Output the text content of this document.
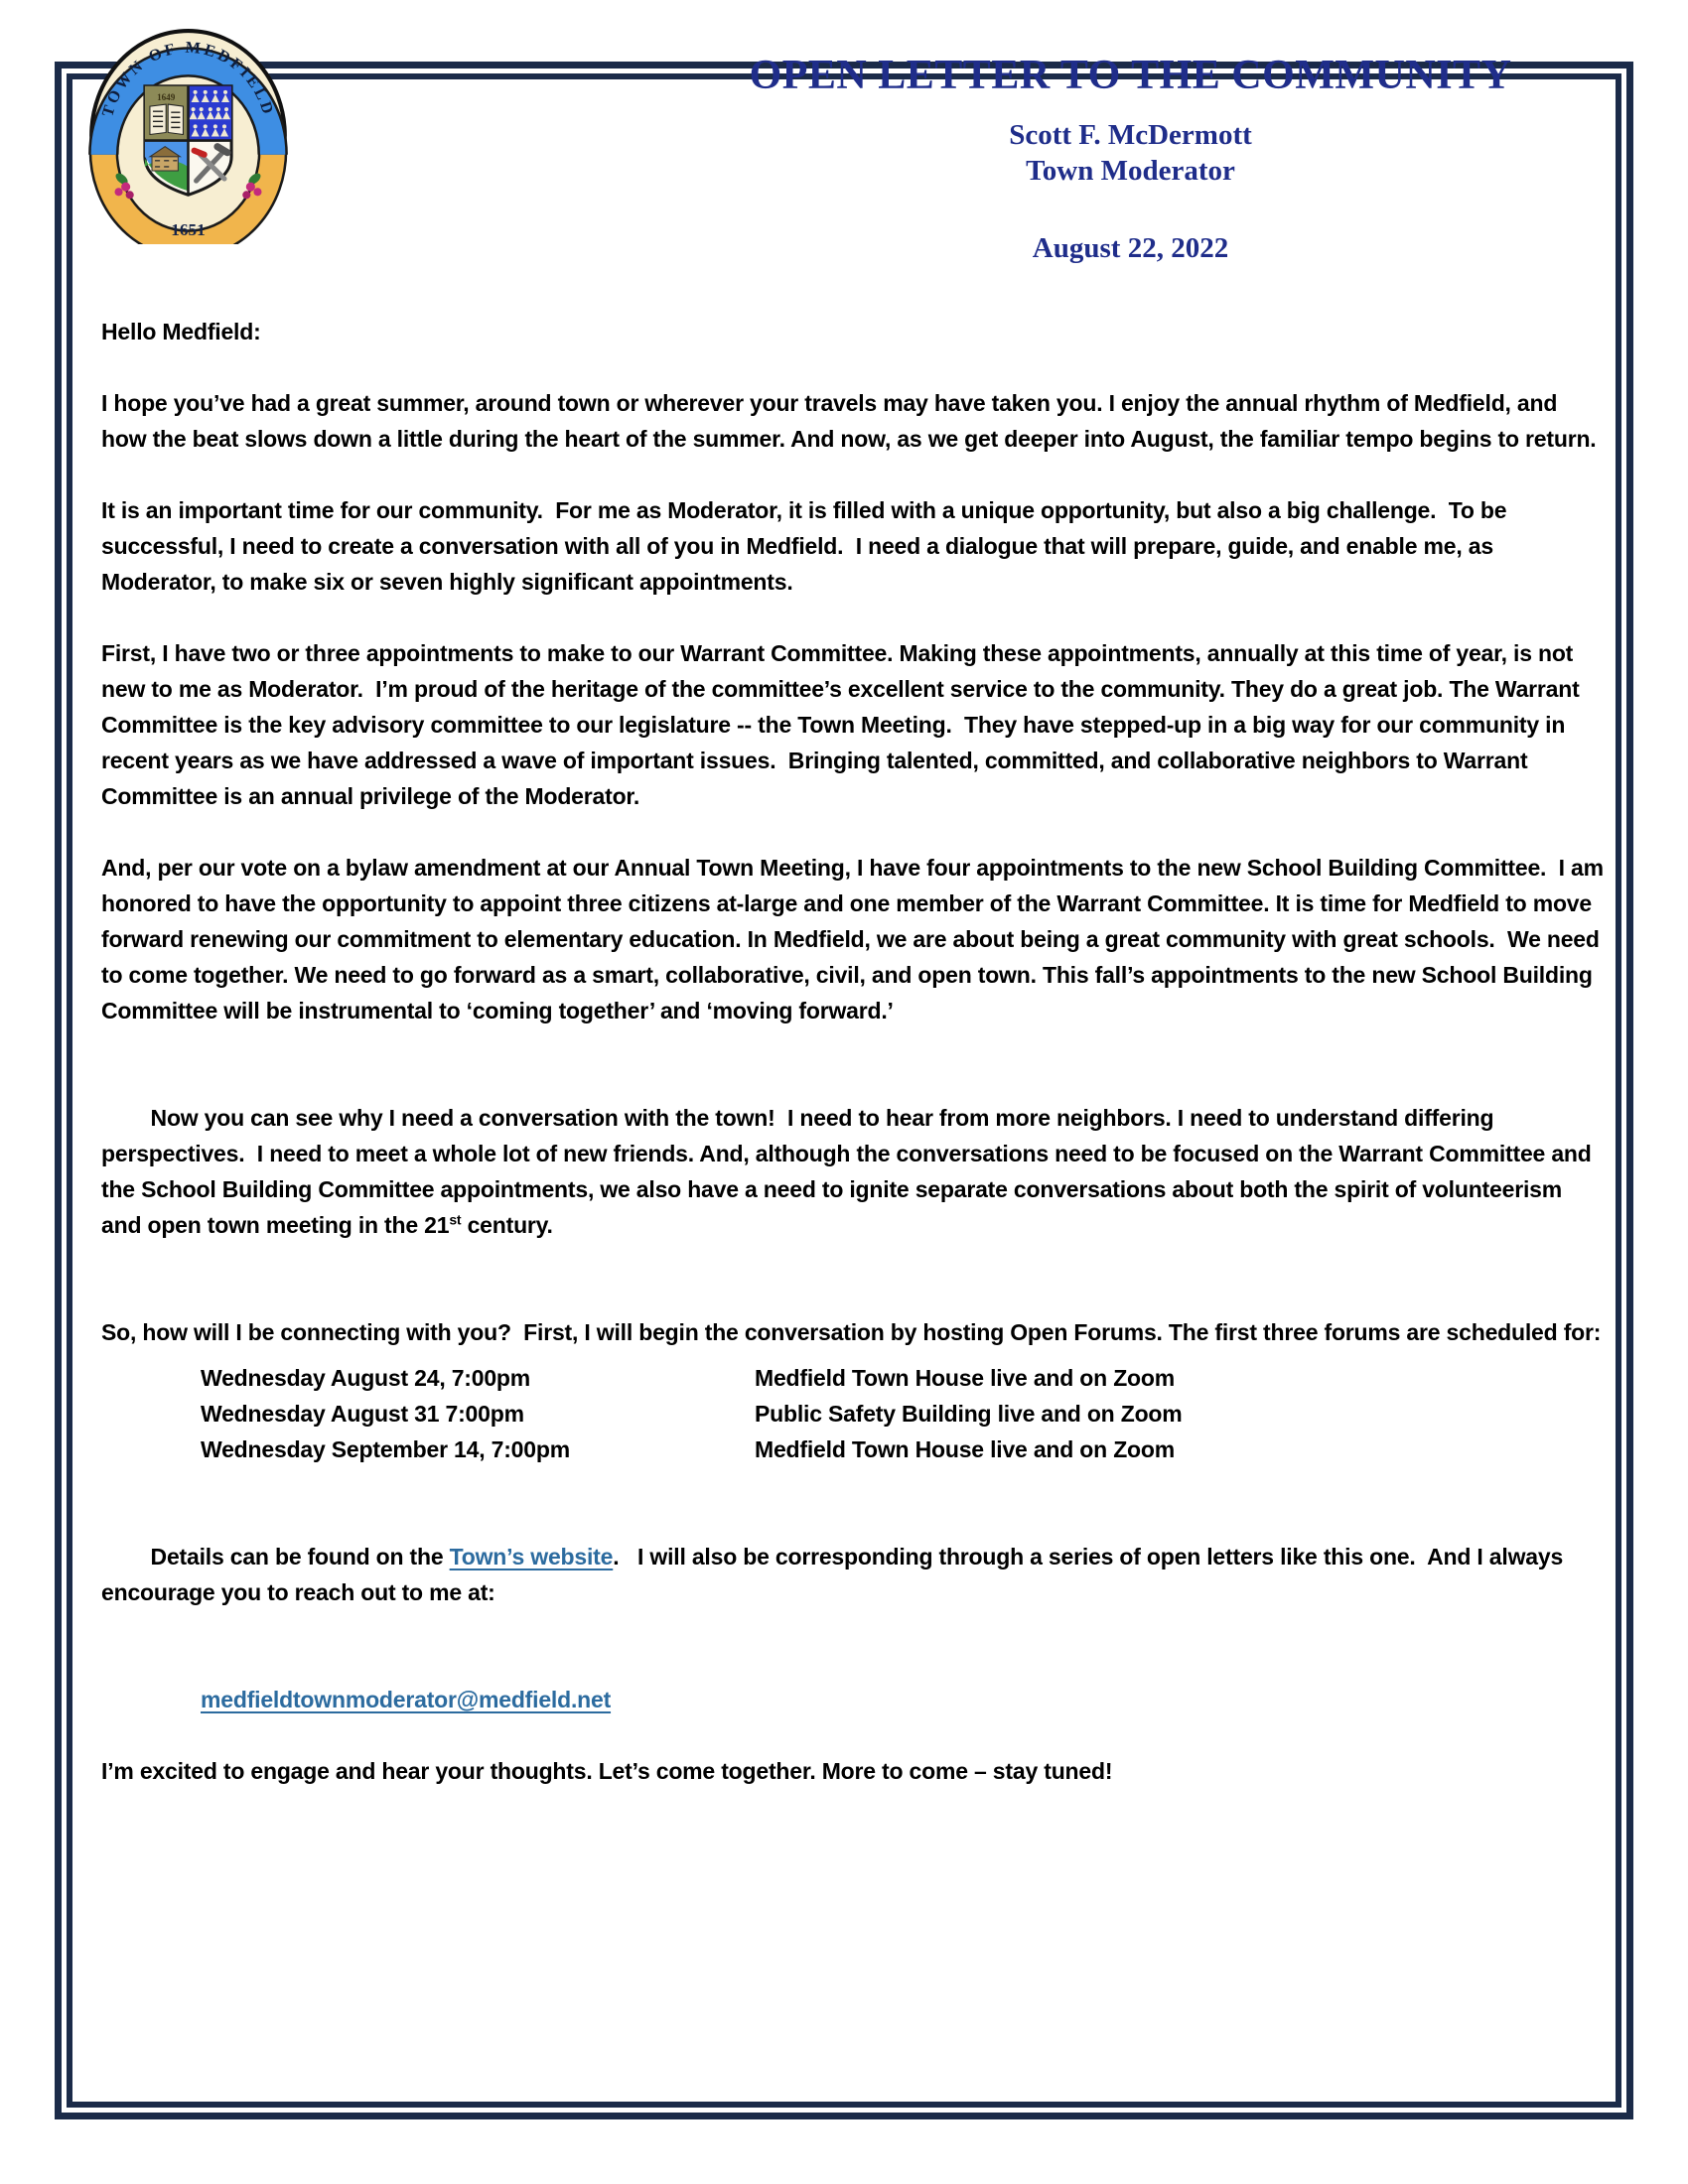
TOWN OF MEDFIELD
1649
1651
OPEN LETTER TO THE COMMUNITY
Scott F. McDermott
Town Moderator
August 22, 2022

Hello Medfield:

I hope you’ve had a great summer, around town or wherever your travels may have taken you. I enjoy the annual rhythm of Medfield, and how the beat slows down a little during the heart of the summer. And now, as we get deeper into August, the familiar tempo begins to return.

It is an important time for our community.  For me as Moderator, it is filled with a unique opportunity, but also a big challenge.  To be successful, I need to create a conversation with all of you in Medfield.  I need a dialogue that will prepare, guide, and enable me, as Moderator, to make six or seven highly significant appointments.

First, I have two or three appointments to make to our Warrant Committee. Making these appointments, annually at this time of year, is not new to me as Moderator.  I’m proud of the heritage of the committee’s excellent service to the community. They do a great job. The Warrant Committee is the key advisory committee to our legislature -- the Town Meeting.  They have stepped-up in a big way for our community in recent years as we have addressed a wave of important issues.  Bringing talented, committed, and collaborative neighbors to Warrant Committee is an annual privilege of the Moderator.

And, per our vote on a bylaw amendment at our Annual Town Meeting, I have four appointments to the new School Building Committee.  I am honored to have the opportunity to appoint three citizens at-large and one member of the Warrant Committee. It is time for Medfield to move forward renewing our commitment to elementary education. In Medfield, we are about being a great community with great schools.  We need to come together. We need to go forward as a smart, collaborative, civil, and open town. This fall’s appointments to the new School Building Committee will be instrumental to ‘coming together’ and ‘moving forward.’

Now you can see why I need a conversation with the town!  I need to hear from more neighbors. I need to understand differing perspectives.  I need to meet a whole lot of new friends. And, although the conversations need to be focused on the Warrant Committee and the School Building Committee appointments, we also have a need to ignite separate conversations about both the spirit of volunteerism and open town meeting in the 21st century.

So, how will I be connecting with you?  First, I will begin the conversation by hosting Open Forums. The first three forums are scheduled for:

Wednesday August 24, 7:00pm	Medfield Town House live and on Zoom
Wednesday August 31 7:00pm	Public Safety Building live and on Zoom
Wednesday September 14, 7:00pm	Medfield Town House live and on Zoom

Details can be found on the Town’s website.   I will also be corresponding through a series of open letters like this one.  And I always encourage you to reach out to me at:

medfieldtownmoderator@medfield.net

I’m excited to engage and hear your thoughts. Let’s come together. More to come – stay tuned!
